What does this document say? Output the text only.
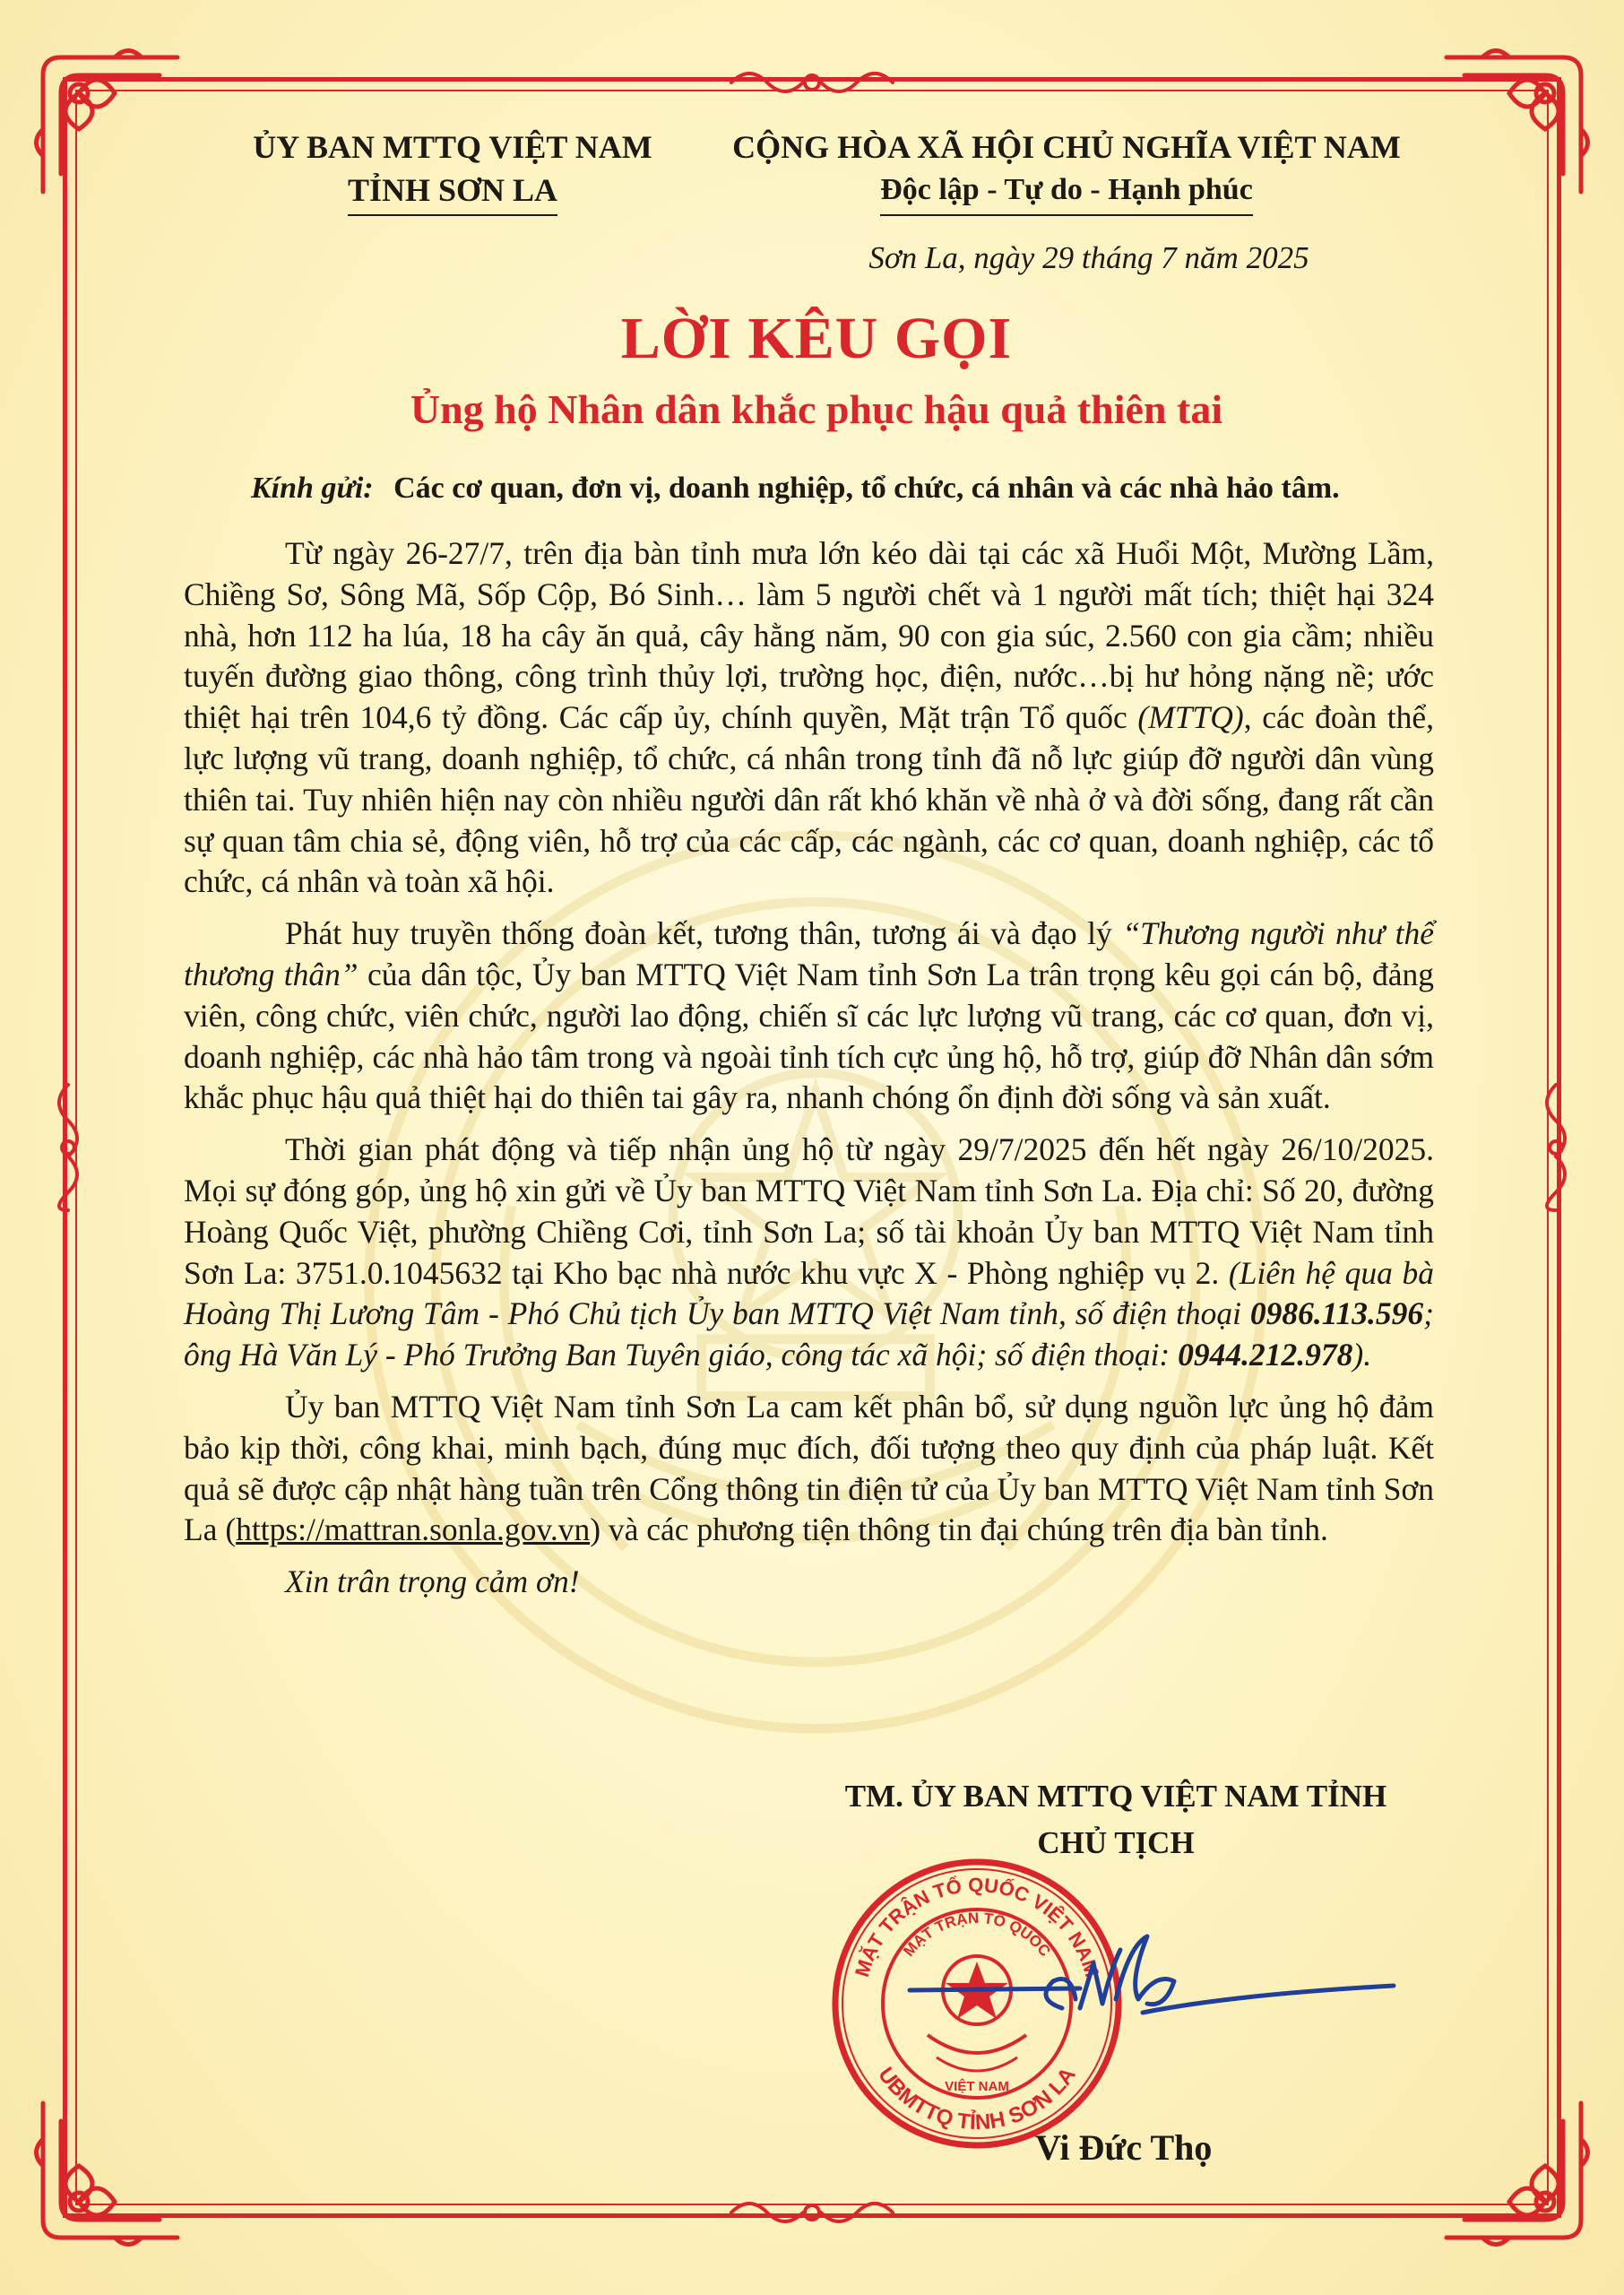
ỦY BAN MTTQ VIỆT NAM
TỈNH SƠN LA
CỘNG HÒA XÃ HỘI CHỦ NGHĨA VIỆT NAM
Độc lập - Tự do - Hạnh phúc
Sơn La, ngày 29 tháng 7 năm 2025
LỜI KÊU GỌI
Ủng hộ Nhân dân khắc phục hậu quả thiên tai
Kính gửi: Các cơ quan, đơn vị, doanh nghiệp, tổ chức, cá nhân và các nhà hảo tâm.

Từ ngày 26-27/7, trên địa bàn tỉnh mưa lớn kéo dài tại các xã Huổi Một, Mường Lầm, Chiềng Sơ, Sông Mã, Sốp Cộp, Bó Sinh… làm 5 người chết và 1 người mất tích; thiệt hại 324 nhà, hơn 112 ha lúa, 18 ha cây ăn quả, cây hằng năm, 90 con gia súc, 2.560 con gia cầm; nhiều tuyến đường giao thông, công trình thủy lợi, trường học, điện, nước…bị hư hỏng nặng nề; ước thiệt hại trên 104,6 tỷ đồng. Các cấp ủy, chính quyền, Mặt trận Tổ quốc (MTTQ), các đoàn thể, lực lượng vũ trang, doanh nghiệp, tổ chức, cá nhân trong tỉnh đã nỗ lực giúp đỡ người dân vùng thiên tai. Tuy nhiên hiện nay còn nhiều người dân rất khó khăn về nhà ở và đời sống, đang rất cần sự quan tâm chia sẻ, động viên, hỗ trợ của các cấp, các ngành, các cơ quan, doanh nghiệp, các tổ chức, cá nhân và toàn xã hội.

Phát huy truyền thống đoàn kết, tương thân, tương ái và đạo lý “Thương người như thể thương thân” của dân tộc, Ủy ban MTTQ Việt Nam tỉnh Sơn La trân trọng kêu gọi cán bộ, đảng viên, công chức, viên chức, người lao động, chiến sĩ các lực lượng vũ trang, các cơ quan, đơn vị, doanh nghiệp, các nhà hảo tâm trong và ngoài tỉnh tích cực ủng hộ, hỗ trợ, giúp đỡ Nhân dân sớm khắc phục hậu quả thiệt hại do thiên tai gây ra, nhanh chóng ổn định đời sống và sản xuất.

Thời gian phát động và tiếp nhận ủng hộ từ ngày 29/7/2025 đến hết ngày 26/10/2025. Mọi sự đóng góp, ủng hộ xin gửi về Ủy ban MTTQ Việt Nam tỉnh Sơn La. Địa chỉ: Số 20, đường Hoàng Quốc Việt, phường Chiềng Cơi, tỉnh Sơn La; số tài khoản Ủy ban MTTQ Việt Nam tỉnh Sơn La: 3751.0.1045632 tại Kho bạc nhà nước khu vực X - Phòng nghiệp vụ 2. (Liên hệ qua bà Hoàng Thị Lương Tâm - Phó Chủ tịch Ủy ban MTTQ Việt Nam tỉnh, số điện thoại 0986.113.596; ông Hà Văn Lý - Phó Trưởng Ban Tuyên giáo, công tác xã hội; số điện thoại: 0944.212.978).

Ủy ban MTTQ Việt Nam tỉnh Sơn La cam kết phân bổ, sử dụng nguồn lực ủng hộ đảm bảo kịp thời, công khai, minh bạch, đúng mục đích, đối tượng theo quy định của pháp luật. Kết quả sẽ được cập nhật hàng tuần trên Cổng thông tin điện tử của Ủy ban MTTQ Việt Nam tỉnh Sơn La (https://mattran.sonla.gov.vn) và các phương tiện thông tin đại chúng trên địa bàn tỉnh.

Xin trân trọng cảm ơn!

TM. ỦY BAN MTTQ VIỆT NAM TỈNH
CHỦ TỊCH
MẶT TRẬN TỔ QUỐC VIỆT NAM
MẶT TRẬN TỔ QUỐC
VIỆT NAM
UBMTTQ TỈNH SƠN LA
Vi Đức Thọ
